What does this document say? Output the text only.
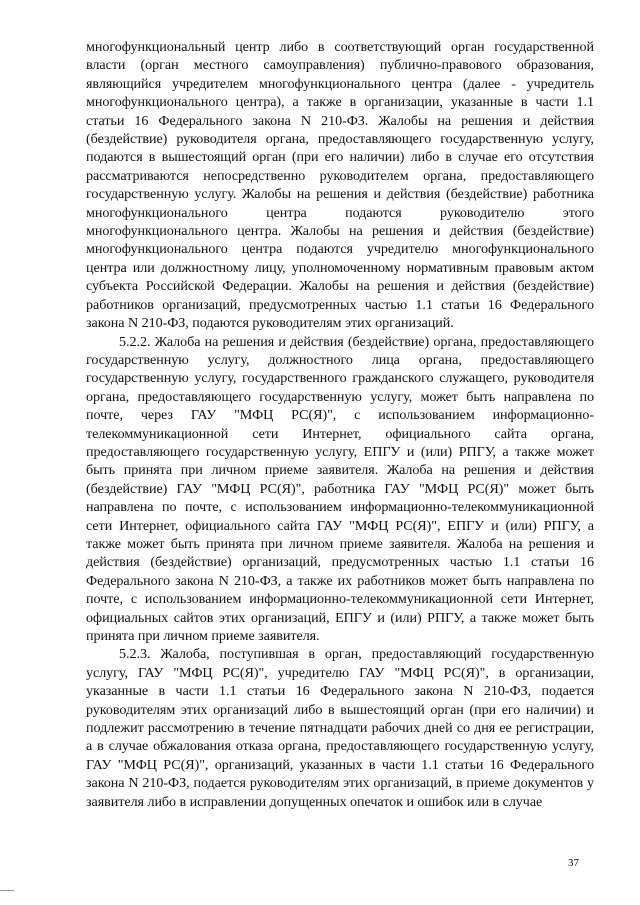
многофункциональный центр либо в соответствующий орган государственной власти (орган местного самоуправления) публично-правового образования, являющийся учредителем многофункционального центра (далее - учредитель многофункционального центра), а также в организации, указанные в части 1.1 статьи 16 Федерального закона N 210-ФЗ. Жалобы на решения и действия (бездействие) руководителя органа, предоставляющего государственную услугу, подаются в вышестоящий орган (при его наличии) либо в случае его отсутствия рассматриваются непосредственно руководителем органа, предоставляющего государственную услугу. Жалобы на решения и действия (бездействие) работника многофункционального центра подаются руководителю этого многофункционального центра. Жалобы на решения и действия (бездействие) многофункционального центра подаются учредителю многофункционального центра или должностному лицу, уполномоченному нормативным правовым актом субъекта Российской Федерации. Жалобы на решения и действия (бездействие) работников организаций, предусмотренных частью 1.1 статьи 16 Федерального закона N 210-ФЗ, подаются руководителям этих организаций.

5.2.2. Жалоба на решения и действия (бездействие) органа, предоставляющего государственную услугу, должностного лица органа, предоставляющего государственную услугу, государственного гражданского служащего, руководителя органа, предоставляющего государственную услугу, может быть направлена по почте, через ГАУ "МФЦ РС(Я)", с использованием информационно-телекоммуникационной сети Интернет, официального сайта органа, предоставляющего государственную услугу, ЕПГУ и (или) РПГУ, а также может быть принята при личном приеме заявителя. Жалоба на решения и действия (бездействие) ГАУ "МФЦ РС(Я)", работника ГАУ "МФЦ РС(Я)" может быть направлена по почте, с использованием информационно-телекоммуникационной сети Интернет, официального сайта ГАУ "МФЦ РС(Я)", ЕПГУ и (или) РПГУ, а также может быть принята при личном приеме заявителя. Жалоба на решения и действия (бездействие) организаций, предусмотренных частью 1.1 статьи 16 Федерального закона N 210-ФЗ, а также их работников может быть направлена по почте, с использованием информационно-телекоммуникационной сети Интернет, официальных сайтов этих организаций, ЕПГУ и (или) РПГУ, а также может быть принята при личном приеме заявителя.

5.2.3. Жалоба, поступившая в орган, предоставляющий государственную услугу, ГАУ "МФЦ РС(Я)", учредителю ГАУ "МФЦ РС(Я)", в организации, указанные в части 1.1 статьи 16 Федерального закона N 210-ФЗ, подается руководителям этих организаций либо в вышестоящий орган (при его наличии) и подлежит рассмотрению в течение пятнадцати рабочих дней со дня ее регистрации, а в случае обжалования отказа органа, предоставляющего государственную услугу, ГАУ "МФЦ РС(Я)", организаций, указанных в части 1.1 статьи 16 Федерального закона N 210-ФЗ, подается руководителям этих организаций, в приеме документов у заявителя либо в исправлении допущенных опечаток и ошибок или в случае

37
